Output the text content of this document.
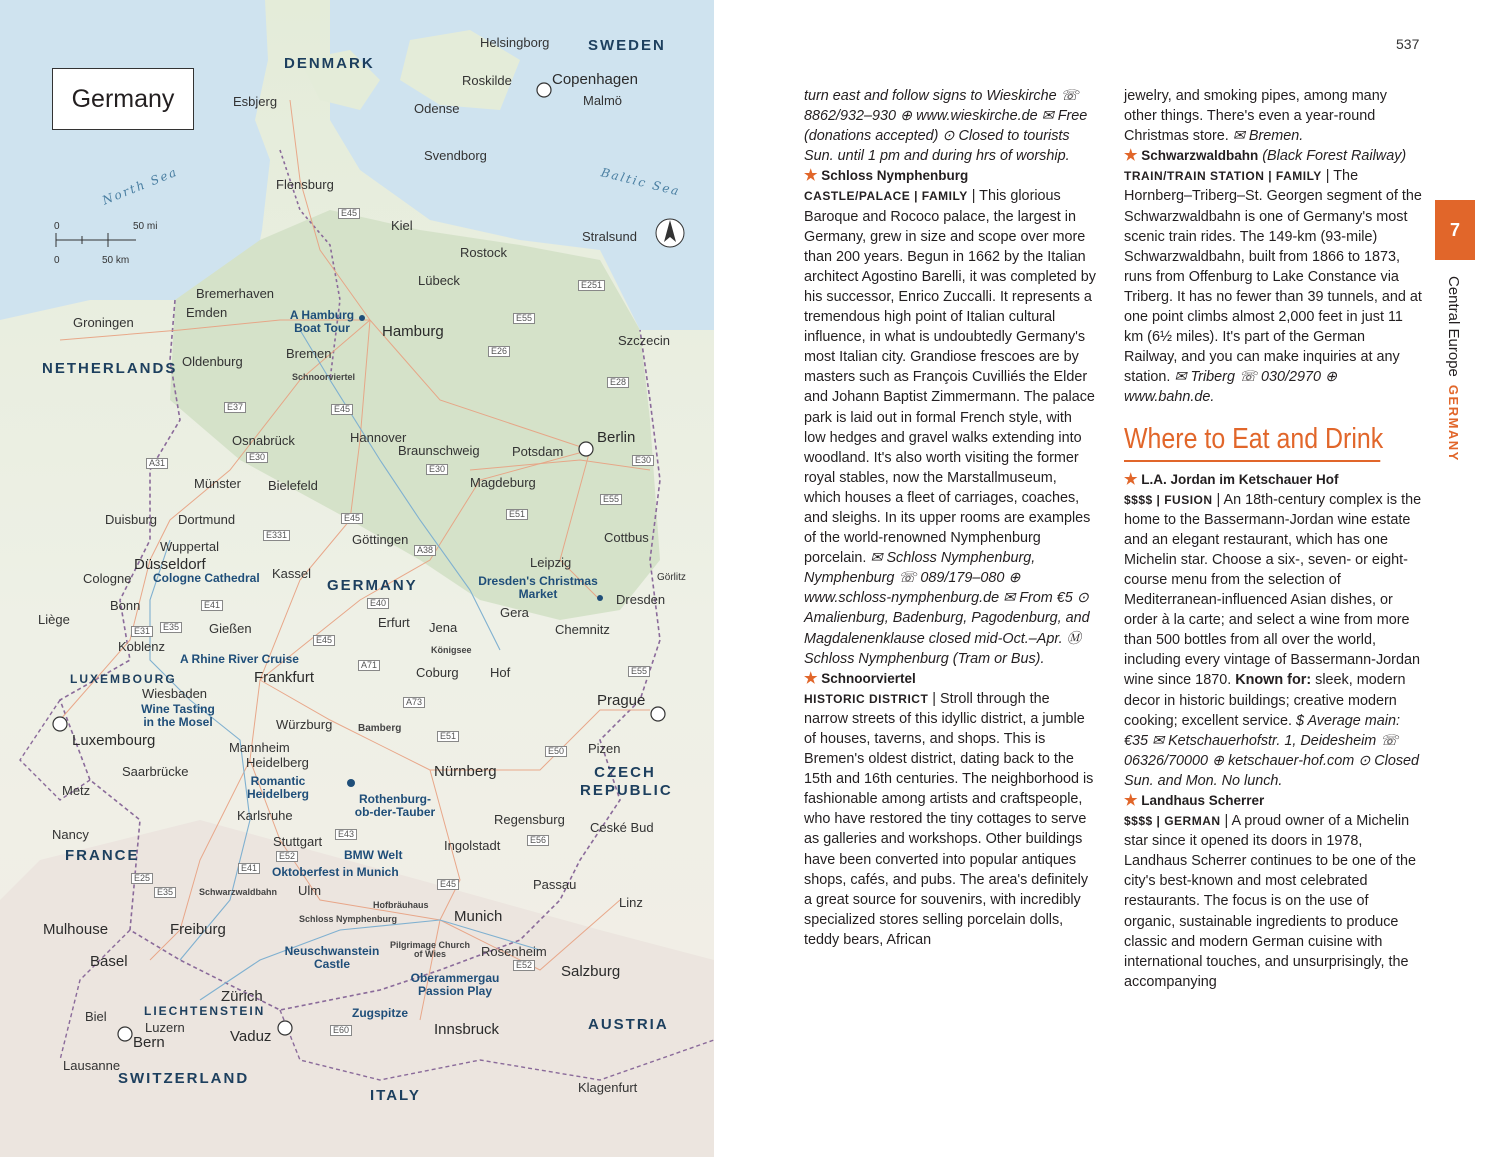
Germany
0	50 mi
0	50 km
DENMARK
SWEDEN
NETHERLANDS
GERMANY
LUXEMBOURG
FRANCE
CZECH REPUBLIC
SWITZERLAND
AUSTRIA
LIECHTENSTEIN
ITALY
North Sea	Baltic Sea
Helsingborg
Copenhagen
Roskilde
Malmö
Esbjerg	Odense
Svendborg
Flensburg
Kiel
Stralsund
Rostock
Lübeck
Bremerhaven
Hamburg
Groningen
Emden
Bremen
Oldenburg
Szczecin
Osnabrück	Hannover
Braunschweig Potsdam
Berlin
Münster Bielefeld	Magdeburg
Duisburg Dortmund
Wuppertal	Göttingen	Cottbus
Düsseldorf
Cologne	Kassel
Leipzig
Görlitz
Bonn	Dresden
Liège	Gera
Erfurt Jena	Chemnitz
Koblenz
Gießen
Königsee
Coburg Hof
Wiesbaden
Frankfurt
Prague
Luxembourg
Würzburg	Bamberg
Mannheim
Heidelberg
Pizen
Nürnberg
Saarbrücke
Metz
Karlsruhe	Regensburg
Nancy	Stuttgart	Ingolstadt
Ceské Bud
Passau
Ulm
Linz
Munich
Mulhouse	Freiburg
Rosenheim
Salzburg
Basel
Zürich
Biel
Luzern
Vaduz
Bern
Innsbruck
Lausanne
Klagenfurt
A Hamburg Boat Tour
Schnoorviertel
Cologne Cathedral	Dresden's Christmas Market
A Rhine River Cruise
Wine Tasting in the Mosel
Romantic Heidelberg	Rothenburg-ob-der-Tauber
BMW Welt
Oktoberfest in Munich
Schwarzwaldbahn
Hofbräuhaus
Schloss Nymphenburg
Neuschwanstein Castle
Pilgrimage Church of Wies
Oberammergau Passion Play
Zugspitze
E45
E251
E55
E26
E28
E37	E45
E30
A31
E30
E30
E55
E51
E45
E331
A38
E40
E41
E31	E35
E45
A71
E55
A73
E51
E50
E43
E56
E52
E41
E25
E35
E45
E52
E60
537
7
Central EuropeGERMANY

turn east and follow signs to Wieskirche ☏ 8862/932–930 ⊕ www.wieskirche.de ✉ Free (donations accepted) ⊙ Closed to tourists Sun. until 1 pm and during hrs of worship.

★ Schloss Nymphenburg

CASTLE/PALACE | FAMILY | This glorious Baroque and Rococo palace, the largest in Germany, grew in size and scope over more than 200 years. Begun in 1662 by the Italian architect Agostino Barelli, it was completed by his successor, Enrico Zuccalli. It represents a tremendous high point of Italian cultural influence, in what is undoubtedly Germany's most Italian city. Grandiose frescoes are by masters such as François Cuvilliés the Elder and Johann Baptist Zimmermann. The palace park is laid out in formal French style, with low hedges and gravel walks extending into woodland. It's also worth visiting the former royal stables, now the Marstallmuseum, which houses a fleet of carriages, coaches, and sleighs. In its upper rooms are examples of the world-renowned Nymphenburg porcelain. ✉ Schloss Nymphenburg, Nymphenburg ☏ 089/179–080 ⊕ www.schloss-nymphenburg.de ✉ From €5 ⊙ Amalienburg, Badenburg, Pagodenburg, and Magdalenenklause closed mid-Oct.–Apr. Ⓜ Schloss Nymphenburg (Tram or Bus).

★ Schnoorviertel

HISTORIC DISTRICT | Stroll through the narrow streets of this idyllic district, a jumble of houses, taverns, and shops. This is Bremen's oldest district, dating back to the 15th and 16th centuries. The neighborhood is fashionable among artists and craftspeople, who have restored the tiny cottages to serve as galleries and workshops. Other buildings have been converted into popular antiques shops, cafés, and pubs. The area's definitely a great source for souvenirs, with incredibly specialized stores selling porcelain dolls, teddy bears, African

jewelry, and smoking pipes, among many other things. There's even a year-round Christmas store. ✉ Bremen.

★ Schwarzwaldbahn (Black Forest Railway)

TRAIN/TRAIN STATION | FAMILY | The Hornberg–Triberg–St. Georgen segment of the Schwarzwaldbahn is one of Germany's most scenic train rides. The 149-km (93-mile) Schwarzwaldbahn, built from 1866 to 1873, runs from Offenburg to Lake Constance via Triberg. It has no fewer than 39 tunnels, and at one point climbs almost 2,000 feet in just 11 km (6½ miles). It's part of the German Railway, and you can make inquiries at any station. ✉ Triberg ☏ 030/2970 ⊕ www.bahn.de.

Where to Eat and Drink

★ L.A. Jordan im Ketschauer Hof

$$$$ | FUSION | An 18th-century complex is the home to the Bassermann-Jordan wine estate and an elegant restaurant, which has one Michelin star. Choose a six-, seven- or eight-course menu from the selection of Mediterranean-influenced Asian dishes, or order à la carte; and select a wine from more than 500 bottles from all over the world, including every vintage of Bassermann-Jordan wine since 1870. Known for: sleek, modern decor in historic buildings; creative modern cooking; excellent service. $ Average main: €35 ✉ Ketschauerhofstr. 1, Deidesheim ☏ 06326/70000 ⊕ ketschauer-hof.com ⊙ Closed Sun. and Mon. No lunch.

★ Landhaus Scherrer

$$$$ | GERMAN | A proud owner of a Michelin star since it opened its doors in 1978, Landhaus Scherrer continues to be one of the city's best-known and most celebrated restaurants. The focus is on the use of organic, sustainable ingredients to produce classic and modern German cuisine with international touches, and unsurprisingly, the accompanying
